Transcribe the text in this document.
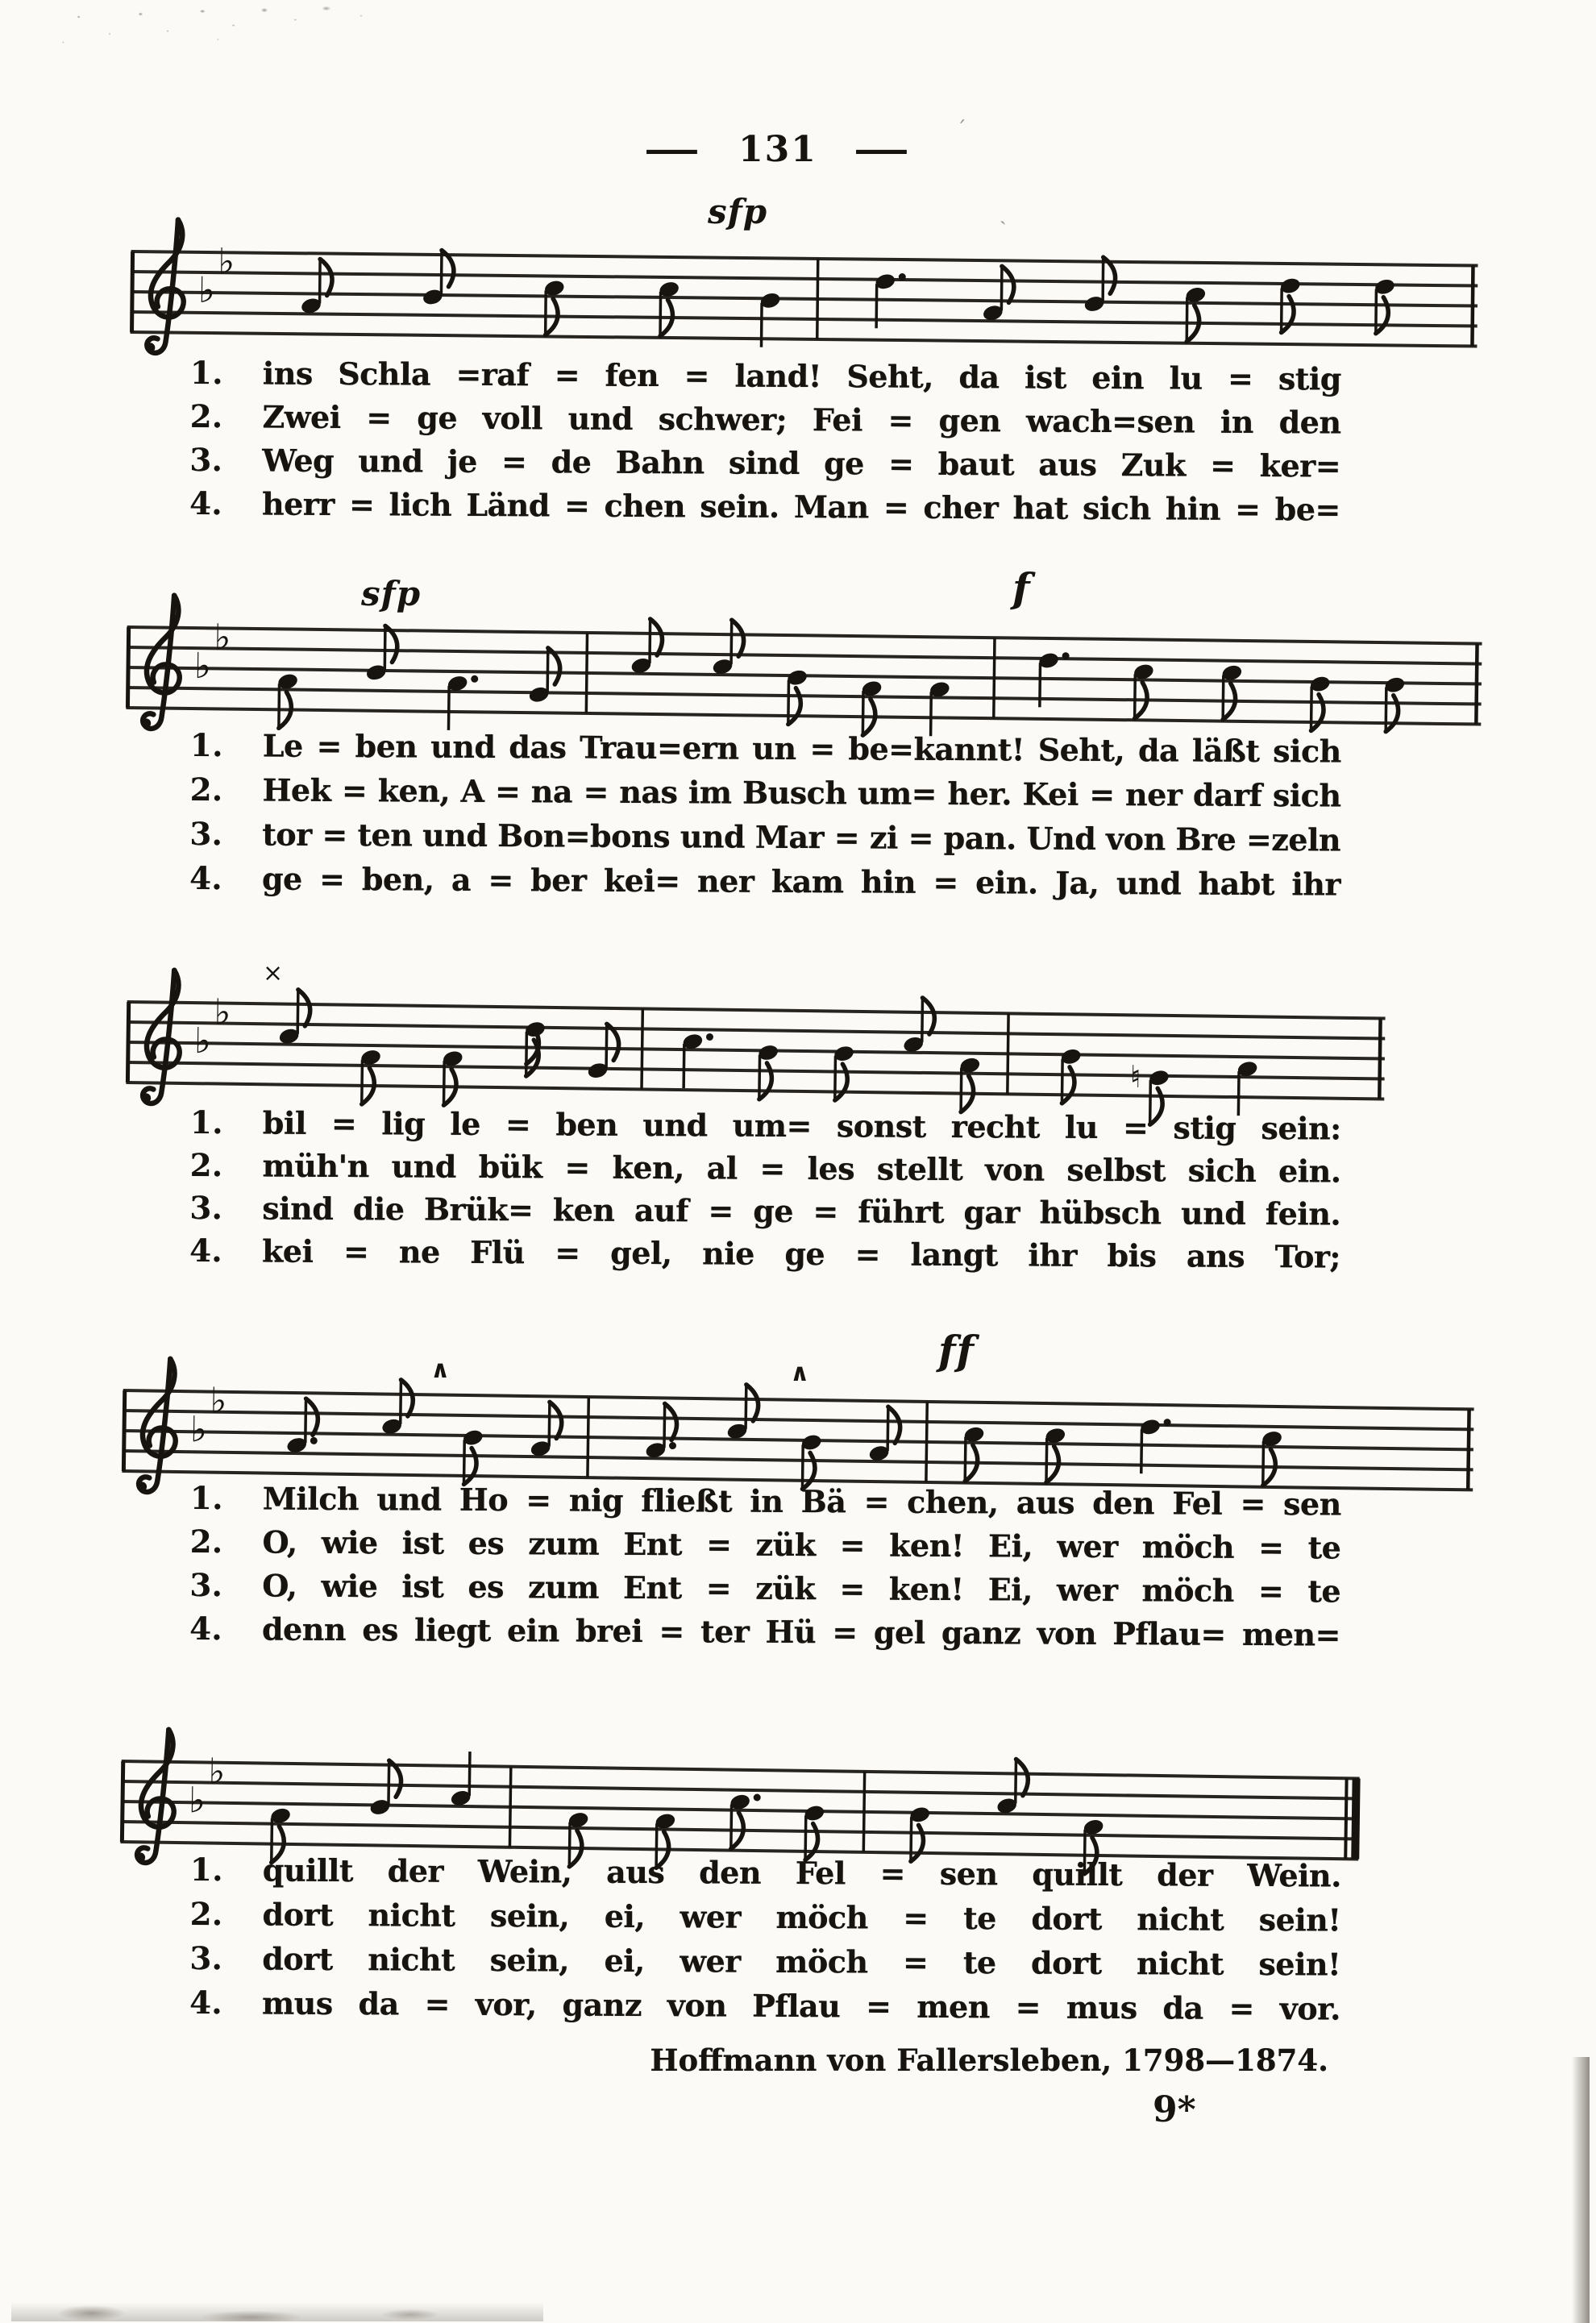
— 131 —
♭
♭
♭
♭
♭
♭
♮
♭
♭
♭
♭
1.	ins Schla =raf = fen = land! Seht, da ist ein lu = stig
2.	Zwei = ge voll und schwer; Fei = gen wach=sen in den
3.	Weg und je = de Bahn sind ge = baut aus Zuk = ker=
4.	herr = lich Länd = chen sein. Man = cher hat sich hin = be=
1.	Le = ben und das Trau=ern un = be=kannt! Seht, da läßt sich
2.	Hek = ken, A = na = nas im Busch um= her. Kei = ner darf sich
3.	tor = ten und Bon=bons und Mar = zi = pan. Und von Bre =zeln
4.	ge = ben, a = ber kei= ner kam hin = ein. Ja, und habt ihr
1.	bil = lig le = ben und um= sonst recht lu = stig sein:
2.	müh'n und bük = ken, al = les stellt von selbst sich ein.
3.	sind die Brük= ken auf = ge = führt gar hübsch und fein.
4.	kei = ne Flü = gel, nie ge = langt ihr bis ans Tor;
1.	Milch und Ho = nig fließt in Bä = chen, aus den Fel = sen
2.	O, wie ist es zum Ent = zük = ken! Ei, wer möch = te
3.	O, wie ist es zum Ent = zük = ken! Ei, wer möch = te
4.	denn es liegt ein brei = ter Hü = gel ganz von Pflau= men=
1.	quillt der Wein, aus den Fel = sen quillt der Wein.
2.	dort nicht sein, ei, wer möch = te dort nicht sein!
3.	dort nicht sein, ei, wer möch = te dort nicht sein!
4.	mus da = vor, ganz von Pflau = men = mus da = vor.
Hoffmann von Fallersleben, 1798—1874.
9*
sfp
sfp	f
×
∧	∧	ff
ˊ
ˏ
